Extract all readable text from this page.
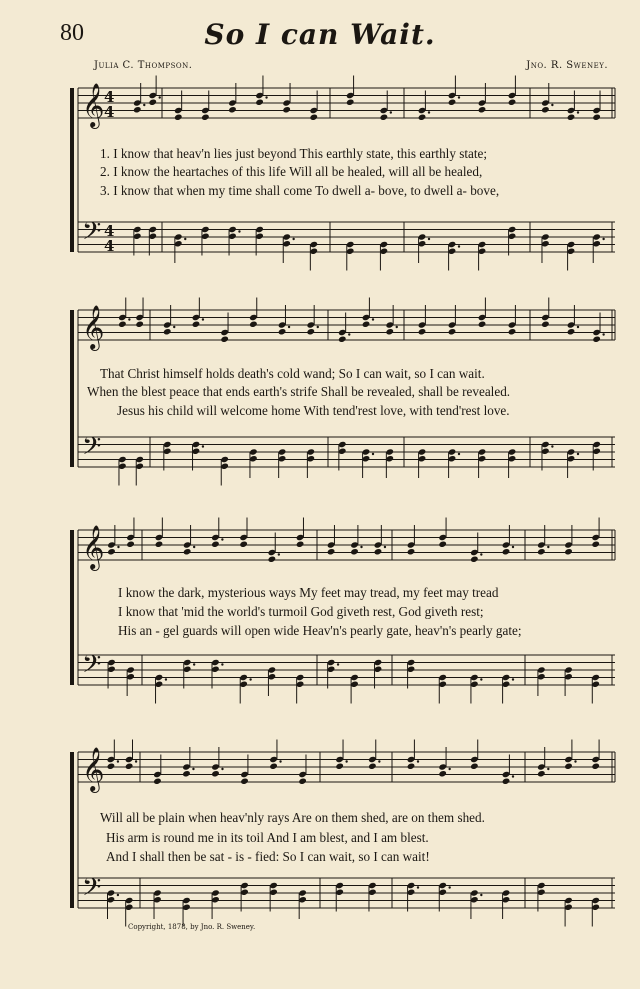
80	So I can Wait.
Julia C. Thompson.	Jno. R. Sweney.
𝄞
𝄢
4
4
4
4
𝄞
𝄢
𝄞
𝄢
𝄞
𝄢
1. I know that heav'n lies just beyond This earthly state, this earthly state;
2. I know the heartaches of this life Will all be healed, will all be healed,
3. I know that when my time shall come To dwell a- bove, to dwell a- bove,
That Christ himself holds death's cold wand; So I can wait, so I can wait.
When the blest peace that ends earth's strife Shall be revealed, shall be revealed.
Jesus his child will welcome home With tend'rest love, with tend'rest love.
I know the dark, mysterious ways My feet may tread, my feet may tread
I know that 'mid the world's turmoil God giveth rest, God giveth rest;
His an - gel guards will open wide Heav'n's pearly gate, heav'n's pearly gate;
Will all be plain when heav'nly rays Are on them shed, are on them shed.
His arm is round me in its toil And I am blest, and I am blest.
And I shall then be sat - is - fied: So I can wait, so I can wait!
Copyright, 1878, by Jno. R. Sweney.
